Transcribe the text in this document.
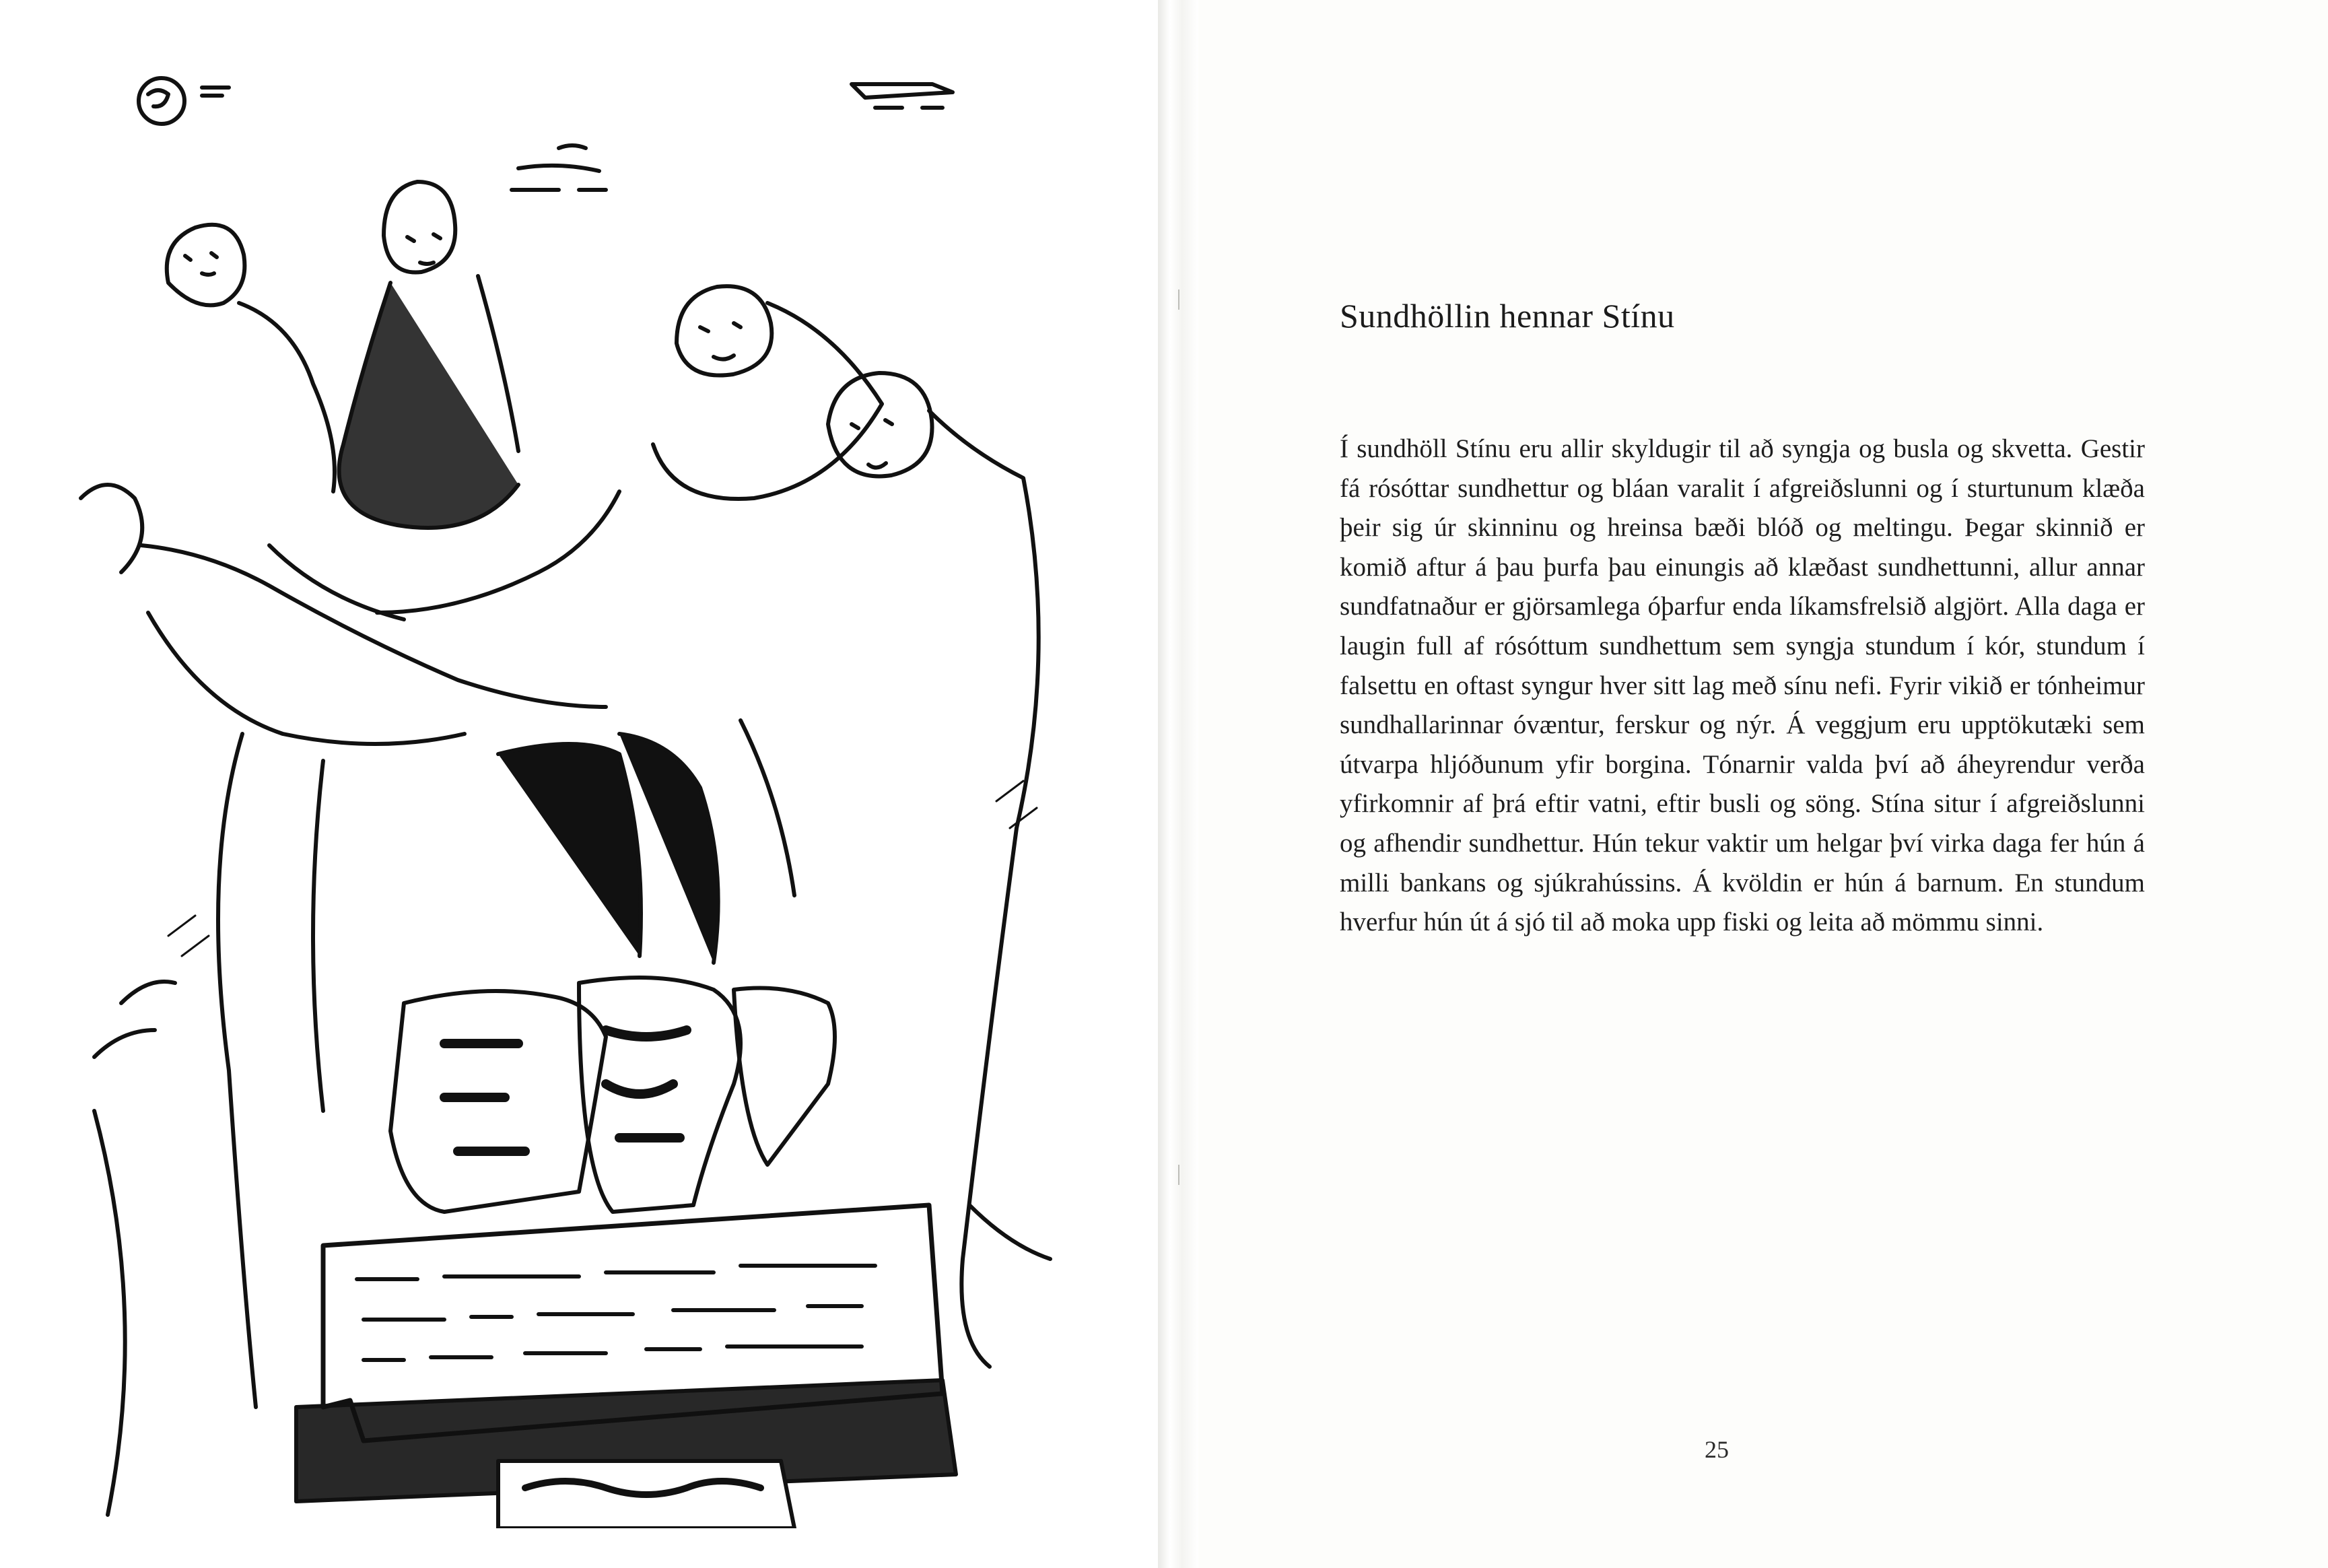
Sundhöllin hennar Stínu

Í sundhöll Stínu eru allir skyldugir til að syngja og busla og skvetta. Gestir fá rósóttar sundhettur og bláan varalit í afgreiðslunni og í sturtunum klæða þeir sig úr skinninu og hreinsa bæði blóð og meltingu. Þegar skinnið er komið aftur á þau þurfa þau einungis að klæðast sundhettunni, allur annar sundfatnaður er gjörsamlega óþarfur enda líkamsfrelsið algjört. Alla daga er laugin full af rósóttum sundhettum sem syngja stundum í kór, stundum í falsettu en oftast syngur hver sitt lag með sínu nefi. Fyrir vikið er tónheimur sundhallarinnar óvæntur, ferskur og nýr. Á veggjum eru upptökutæki sem útvarpa hljóðunum yfir borgina. Tónarnir valda því að áheyrendur verða yfirkomnir af þrá eftir vatni, eftir busli og söng. Stína situr í afgreiðslunni og afhendir sundhettur. Hún tekur vaktir um helgar því virka daga fer hún á milli bankans og sjúkrahússins. Á kvöldin er hún á barnum. En stundum hverfur hún út á sjó til að moka upp fiski og leita að mömmu sinni.

25
